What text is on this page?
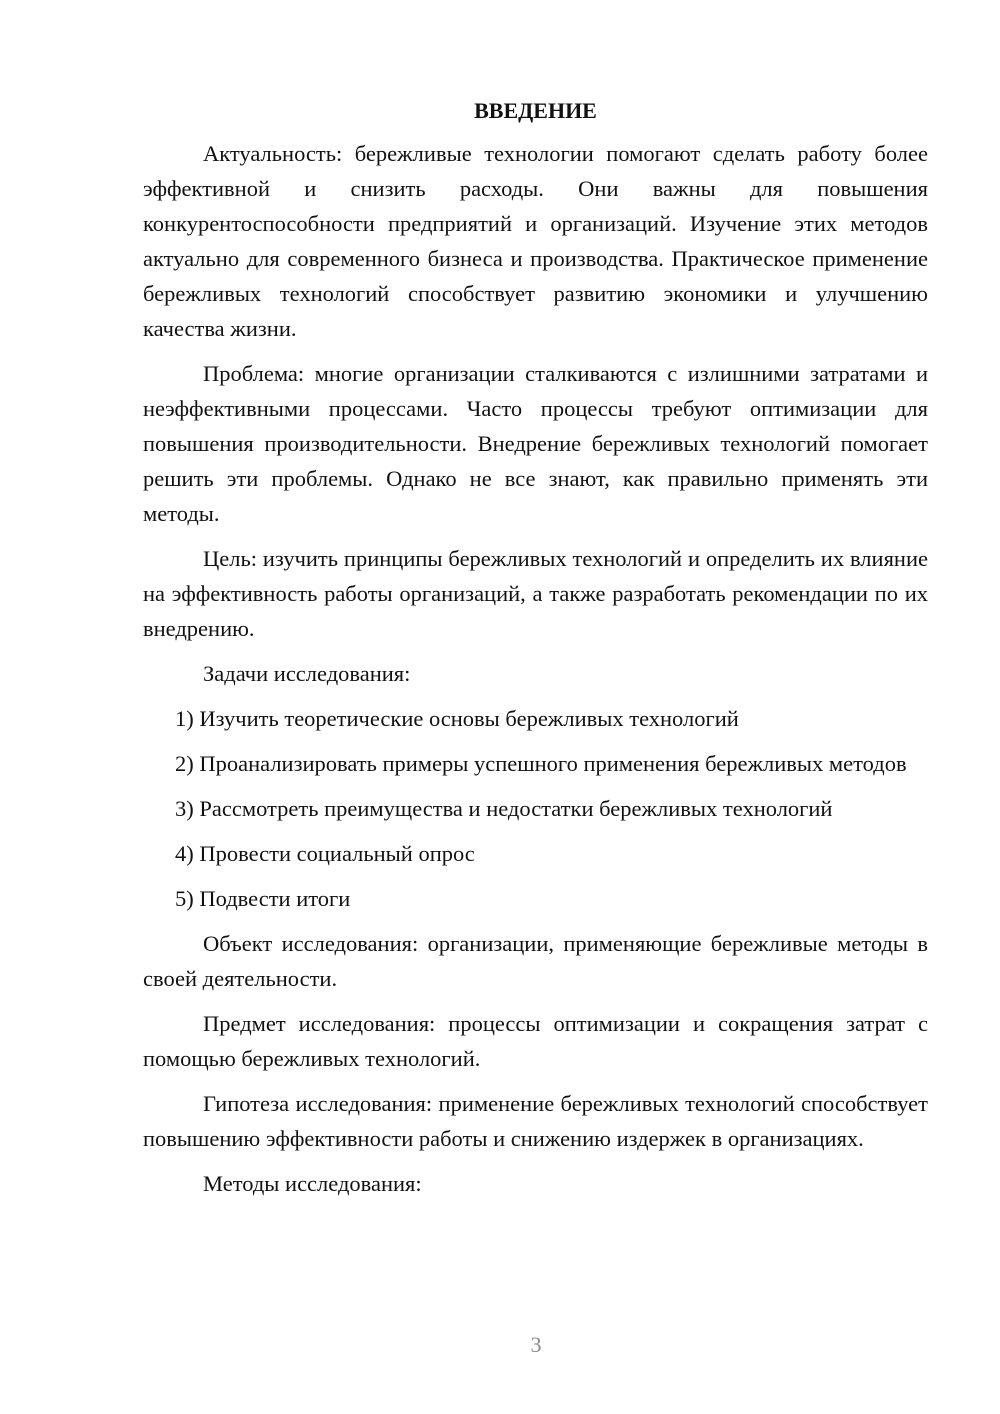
ВВЕДЕНИЕ

Актуальность: бережливые технологии помогают сделать работу более эффективной и снизить расходы. Они важны для повышения конкурентоспособности предприятий и организаций. Изучение этих методов актуально для современного бизнеса и производства. Практическое применение бережливых технологий способствует развитию экономики и улучшению качества жизни.

Проблема: многие организации сталкиваются с излишними затратами и неэффективными процессами. Часто процессы требуют оптимизации для повышения производительности. Внедрение бережливых технологий помогает решить эти проблемы. Однако не все знают, как правильно применять эти методы.

Цель: изучить принципы бережливых технологий и определить их влияние на эффективность работы организаций, а также разработать рекомендации по их внедрению.

Задачи исследования:

1) Изучить теоретические основы бережливых технологий

2) Проанализировать примеры успешного применения бережливых методов

3) Рассмотреть преимущества и недостатки бережливых технологий

4) Провести социальный опрос

5) Подвести итоги

Объект исследования: организации, применяющие бережливые методы в своей деятельности.

Предмет исследования: процессы оптимизации и сокращения затрат с помощью бережливых технологий.

Гипотеза исследования: применение бережливых технологий способствует повышению эффективности работы и снижению издержек в организациях.

Методы исследования:

3
